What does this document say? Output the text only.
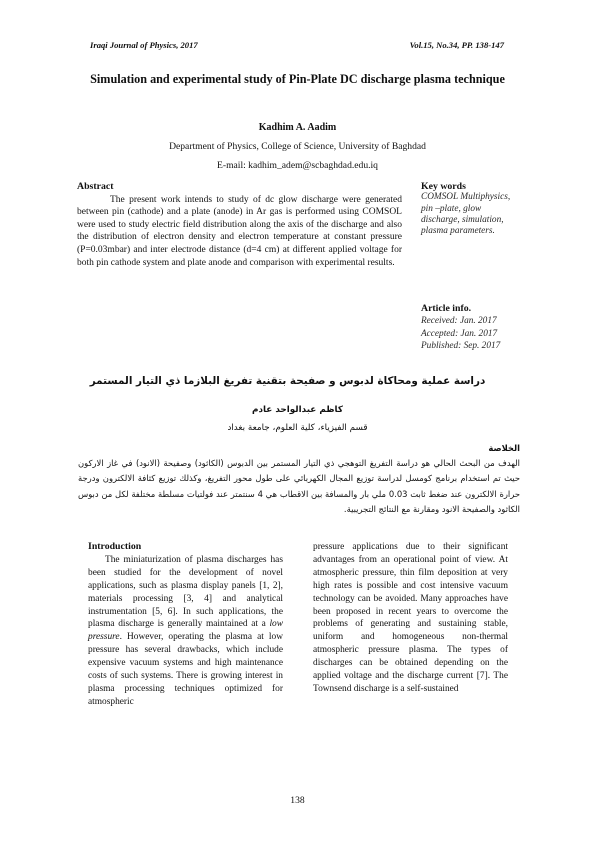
Iraqi Journal of Physics, 2017	Vol.15, No.34, PP. 138-147
Simulation and experimental study of Pin-Plate DC discharge plasma technique
Kadhim A. Aadim
Department of Physics, College of Science, University of Baghdad
E-mail: kadhim_adem@scbaghdad.edu.iq
Abstract

The present work intends to study of dc glow discharge were generated between pin (cathode) and a plate (anode) in Ar gas is performed using COMSOL were used to study electric field distribution along the axis of the discharge and also the distribution of electron density and electron temperature at constant pressure (P=0.03mbar) and inter electrode distance (d=4 cm) at different applied voltage for both pin cathode system and plate anode and comparison with experimental results.

Key words
COMSOL Multiphysics, pin –plate, glow discharge, simulation, plasma parameters.
Article info.
Received: Jan. 2017
Accepted: Jan. 2017
Published: Sep. 2017
دراسة عملية ومحاكاة لدبوس و صفيحة بتقنية تفريغ البلازما ذي التيار المستمر
كاظم عبدالواحد عادم
قسم الفيزياء، كلية العلوم، جامعة بغداد
الخلاصة
الهدف من البحث الحالي هو دراسة التفريغ التوهجي ذي التيار المستمر بين الدبوس (الكاثود) وصفيحة (الانود) في غاز الاركون حيث تم استخدام برنامج كومسل لدراسة توزيع المجال الكهربائي على طول محور التفريغ، وكذلك توزيع كثافة الالكترون ودرجة حرارة الالكترون عند ضغط ثابت 0.03 ملي بار والمسافة بين الاقطاب هي 4 سنتمتر عند فولتيات مسلطة مختلفة لكل من دبوس الكاثود والصفيحة الانود ومقارنة مع النتائج التجريبية.
Introduction

The miniaturization of plasma discharges has been studied for the development of novel applications, such as plasma display panels [1, 2], materials processing [3, 4] and analytical instrumentation [5, 6]. In such applications, the plasma discharge is generally maintained at a low pressure. However, operating the plasma at low pressure has several drawbacks, which include expensive vacuum systems and high maintenance costs of such systems. There is growing interest in plasma processing techniques optimized for atmospheric

pressure applications due to their significant advantages from an operational point of view. At atmospheric pressure, thin film deposition at very high rates is possible and cost intensive vacuum technology can be avoided. Many approaches have been proposed in recent years to overcome the problems of generating and sustaining stable, uniform and homogeneous non-thermal atmospheric pressure plasma. The types of discharges can be obtained depending on the applied voltage and the discharge current [7]. The Townsend discharge is a self-sustained

138
